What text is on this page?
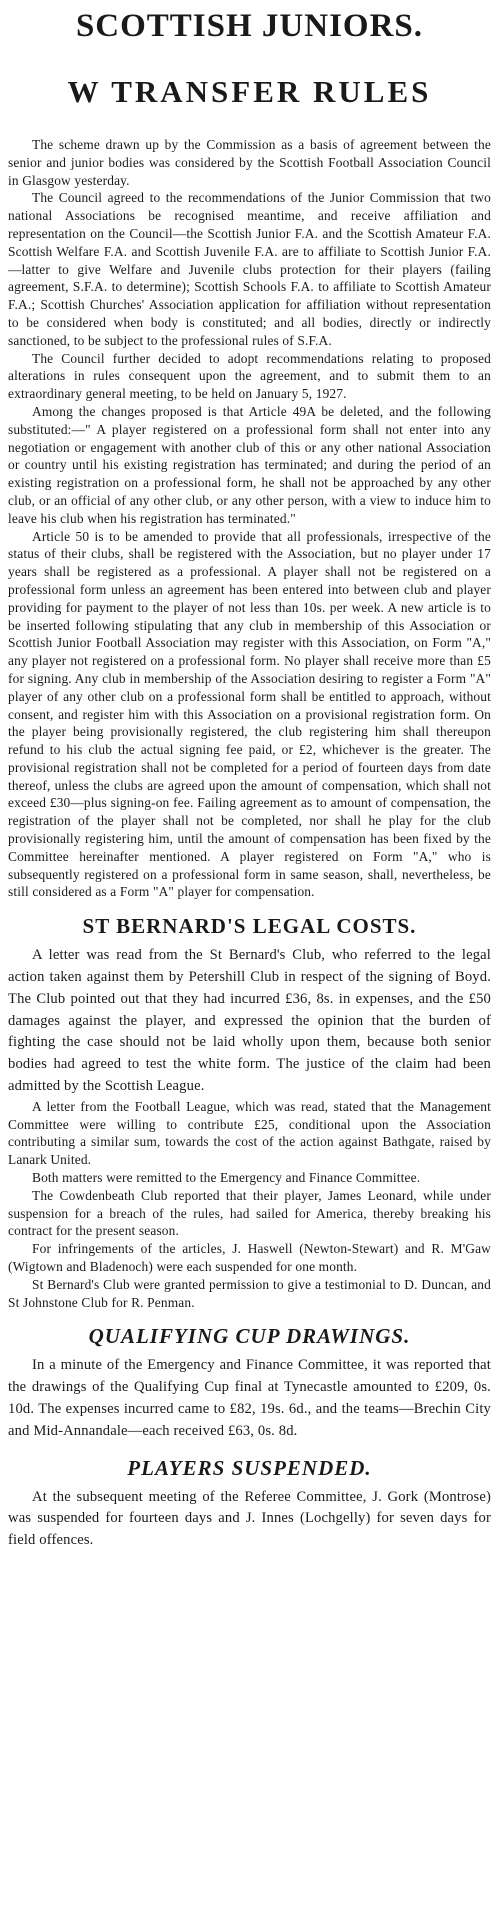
SCOTTISH JUNIORS.
W TRANSFER RULES

The scheme drawn up by the Commission as a basis of agreement between the senior and junior bodies was considered by the Scottish Football Association Council in Glasgow yesterday.

The Council agreed to the recommendations of the Junior Commission that two national Associations be recognised meantime, and receive affiliation and representation on the Council—the Scottish Junior F.A. and the Scottish Amateur F.A. Scottish Welfare F.A. and Scottish Juvenile F.A. are to affiliate to Scottish Junior F.A.—latter to give Welfare and Juvenile clubs protection for their players (failing agreement, S.F.A. to determine); Scottish Schools F.A. to affiliate to Scottish Amateur F.A.; Scottish Churches' Association application for affiliation without representation to be considered when body is constituted; and all bodies, directly or indirectly sanctioned, to be subject to the professional rules of S.F.A.

The Council further decided to adopt recommendations relating to proposed alterations in rules consequent upon the agreement, and to submit them to an extraordinary general meeting, to be held on January 5, 1927.

Among the changes proposed is that Article 49A be deleted, and the following substituted:—" A player registered on a professional form shall not enter into any negotiation or engagement with another club of this or any other national Association or country until his existing registration has terminated; and during the period of an existing registration on a professional form, he shall not be approached by any other club, or an official of any other club, or any other person, with a view to induce him to leave his club when his registration has terminated."

Article 50 is to be amended to provide that all professionals, irrespective of the status of their clubs, shall be registered with the Association, but no player under 17 years shall be registered as a professional. A player shall not be registered on a professional form unless an agreement has been entered into between club and player providing for payment to the player of not less than 10s. per week. A new article is to be inserted following stipulating that any club in membership of this Association or Scottish Junior Football Association may register with this Association, on Form "A," any player not registered on a professional form. No player shall receive more than £5 for signing. Any club in membership of the Association desiring to register a Form "A" player of any other club on a professional form shall be entitled to approach, without consent, and register him with this Association on a provisional registration form. On the player being provisionally registered, the club registering him shall thereupon refund to his club the actual signing fee paid, or £2, whichever is the greater. The provisional registration shall not be completed for a period of fourteen days from date thereof, unless the clubs are agreed upon the amount of compensation, which shall not exceed £30—plus signing-on fee. Failing agreement as to amount of compensation, the registration of the player shall not be completed, nor shall he play for the club provisionally registering him, until the amount of compensation has been fixed by the Committee hereinafter mentioned. A player registered on Form "A," who is subsequently registered on a professional form in same season, shall, nevertheless, be still considered as a Form "A" player for compensation.

ST BERNARD'S LEGAL COSTS.

A letter was read from the St Bernard's Club, who referred to the legal action taken against them by Petershill Club in respect of the signing of Boyd. The Club pointed out that they had incurred £36, 8s. in expenses, and the £50 damages against the player, and expressed the opinion that the burden of fighting the case should not be laid wholly upon them, because both senior bodies had agreed to test the white form. The justice of the claim had been admitted by the Scottish League.

A letter from the Football League, which was read, stated that the Management Committee were willing to contribute £25, conditional upon the Association contributing a similar sum, towards the cost of the action against Bathgate, raised by Lanark United.

Both matters were remitted to the Emergency and Finance Committee.

The Cowdenbeath Club reported that their player, James Leonard, while under suspension for a breach of the rules, had sailed for America, thereby breaking his contract for the present season.

For infringements of the articles, J. Haswell (Newton-Stewart) and R. M'Gaw (Wigtown and Bladenoch) were each suspended for one month.

St Bernard's Club were granted permission to give a testimonial to D. Duncan, and St Johnstone Club for R. Penman.

QUALIFYING CUP DRAWINGS.

In a minute of the Emergency and Finance Committee, it was reported that the drawings of the Qualifying Cup final at Tynecastle amounted to £209, 0s. 10d. The expenses incurred came to £82, 19s. 6d., and the teams—Brechin City and Mid-Annandale—each received £63, 0s. 8d.

PLAYERS SUSPENDED.

At the subsequent meeting of the Referee Committee, J. Gork (Montrose) was suspended for fourteen days and J. Innes (Lochgelly) for seven days for field offences.
